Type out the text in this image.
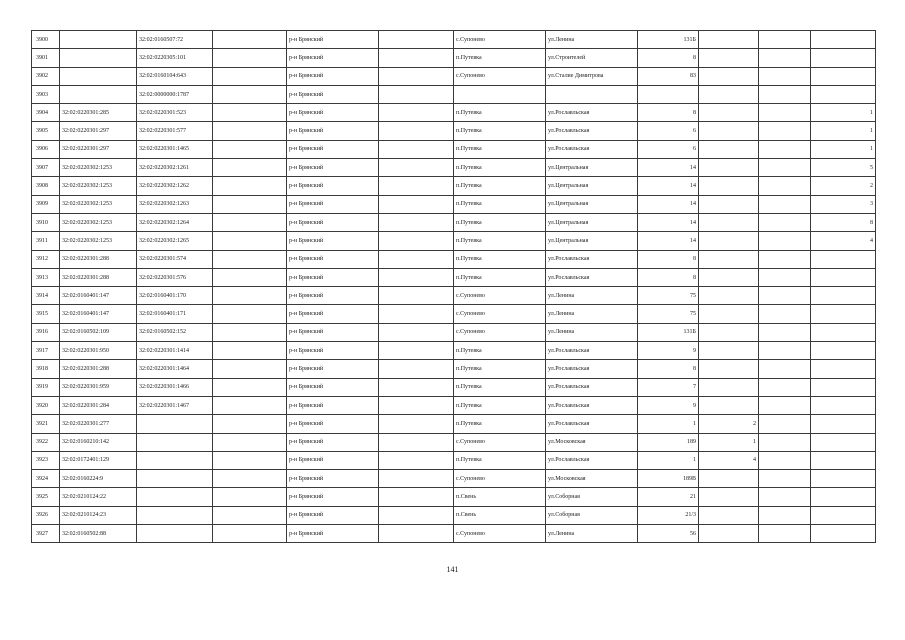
3900		32:02:0160507:72		р-н Брянский		с.Супонево	ул.Ленина	131Б			
3901		32:02:0220305:101		р-н Брянский		п.Путевка	ул.Строителей	8			
3902		32:02:0160104:643		р-н Брянский		с.Супонево	ул.Сталие Димитрова	83			
3903		32:02:0000000:1787		р-н Брянский							
3904	32:02:0220301:285	32:02:0220301:523		р-н Брянский		п.Путевка	ул.Рославльская	8			1
3905	32:02:0220301:297	32:02:0220301:577		р-н Брянский		п.Путевка	ул.Рославльская	6			1
3906	32:02:0220301:297	32:02:0220301:1465		р-н Брянский		п.Путевка	ул.Рославльская	6			1
3907	32:02:0220302:1253	32:02:0220302:1261		р-н Брянский		п.Путевка	ул.Центральная	14			5
3908	32:02:0220302:1253	32:02:0220302:1262		р-н Брянский		п.Путевка	ул.Центральная	14			2
3909	32:02:0220302:1253	32:02:0220302:1263		р-н Брянский		п.Путевка	ул.Центральная	14			3
3910	32:02:0220302:1253	32:02:0220302:1264		р-н Брянский		п.Путевка	ул.Центральная	14			8
3911	32:02:0220302:1253	32:02:0220302:1265		р-н Брянский		п.Путевка	ул.Центральная	14			4
3912	32:02:0220301:288	32:02:0220301:574		р-н Брянский		п.Путевка	ул.Рославльская	8			
3913	32:02:0220301:288	32:02:0220301:576		р-н Брянский		п.Путевка	ул.Рославльская	8			
3914	32:02:0160401:147	32:02:0160401:170		р-н Брянский		с.Супонево	ул.Ленина	75			
3915	32:02:0160401:147	32:02:0160401:171		р-н Брянский		с.Супонево	ул.Ленина	75			
3916	32:02:0160502:109	32:02:0160502:152		р-н Брянский		с.Супонево	ул.Ленина	131Б			
3917	32:02:0220301:950	32:02:0220301:1414		р-н Брянский		п.Путевка	ул.Рославльская	9			
3918	32:02:0220301:288	32:02:0220301:1464		р-н Брянский		п.Путевка	ул.Рославльская	8			
3919	32:02:0220301:959	32:02:0220301:1466		р-н Брянский		п.Путевка	ул.Рославльская	7			
3920	32:02:0220301:284	32:02:0220301:1467		р-н Брянский		п.Путевка	ул.Рославльская	9			
3921	32:02:0220301:277			р-н Брянский		п.Путевка	ул.Рославльская	1	2		
3922	32:02:0160210:142			р-н Брянский		с.Супонево	ул.Московская	189	1		
3923	32:02:0172401:129			р-н Брянский		п.Путевка	ул.Рославльская	1	4		
3924	32:02:0160224:9			р-н Брянский		с.Супонево	ул.Московская	189В			
3925	32:02:0210124:22			р-н Брянский		п.Свень	ул.Соборная	21			
3926	32:02:0210124:23			р-н Брянский		п.Свень	ул.Соборная	21/3			
3927	32:02:0160502:88			р-н Брянский		с.Супонево	ул.Ленина	56			
141
